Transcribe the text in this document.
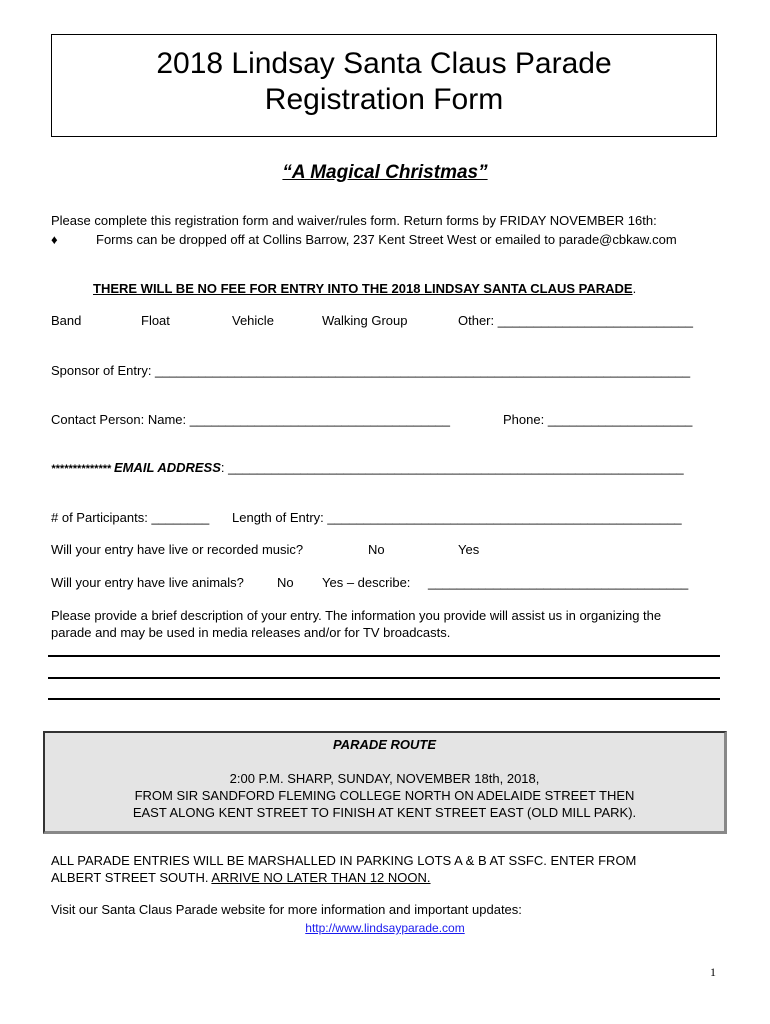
2018 Lindsay Santa Claus Parade
Registration Form
“A Magical Christmas”
Please complete this registration form and waiver/rules form. Return forms by FRIDAY NOVEMBER 16th:
♦	Forms can be dropped off at Collins Barrow, 237 Kent Street West or emailed to parade@cbkaw.com
THERE WILL BE NO FEE FOR ENTRY INTO THE 2018 LINDSAY SANTA CLAUS PARADE.
Band	Float	Vehicle	Walking Group	Other: ___________________________
Sponsor of Entry: __________________________________________________________________________
Contact Person: Name: ____________________________________	Phone: ____________________
************** EMAIL ADDRESS: _______________________________________________________________
# of Participants: ________ Length of Entry: _________________________________________________
Will your entry have live or recorded music?	No	Yes
Will your entry have live animals?	No Yes – describe: ____________________________________
Please provide a brief description of your entry. The information you provide will assist us in organizing the
parade and may be used in media releases and/or for TV broadcasts.
PARADE ROUTE
2:00 P.M. SHARP, SUNDAY, NOVEMBER 18th, 2018,
FROM SIR SANDFORD FLEMING COLLEGE NORTH ON ADELAIDE STREET THEN
EAST ALONG KENT STREET TO FINISH AT KENT STREET EAST (OLD MILL PARK).
ALL PARADE ENTRIES WILL BE MARSHALLED IN PARKING LOTS A & B AT SSFC. ENTER FROM
ALBERT STREET SOUTH. ARRIVE NO LATER THAN 12 NOON.
Visit our Santa Claus Parade website for more information and important updates:
http://www.lindsayparade.com
1
